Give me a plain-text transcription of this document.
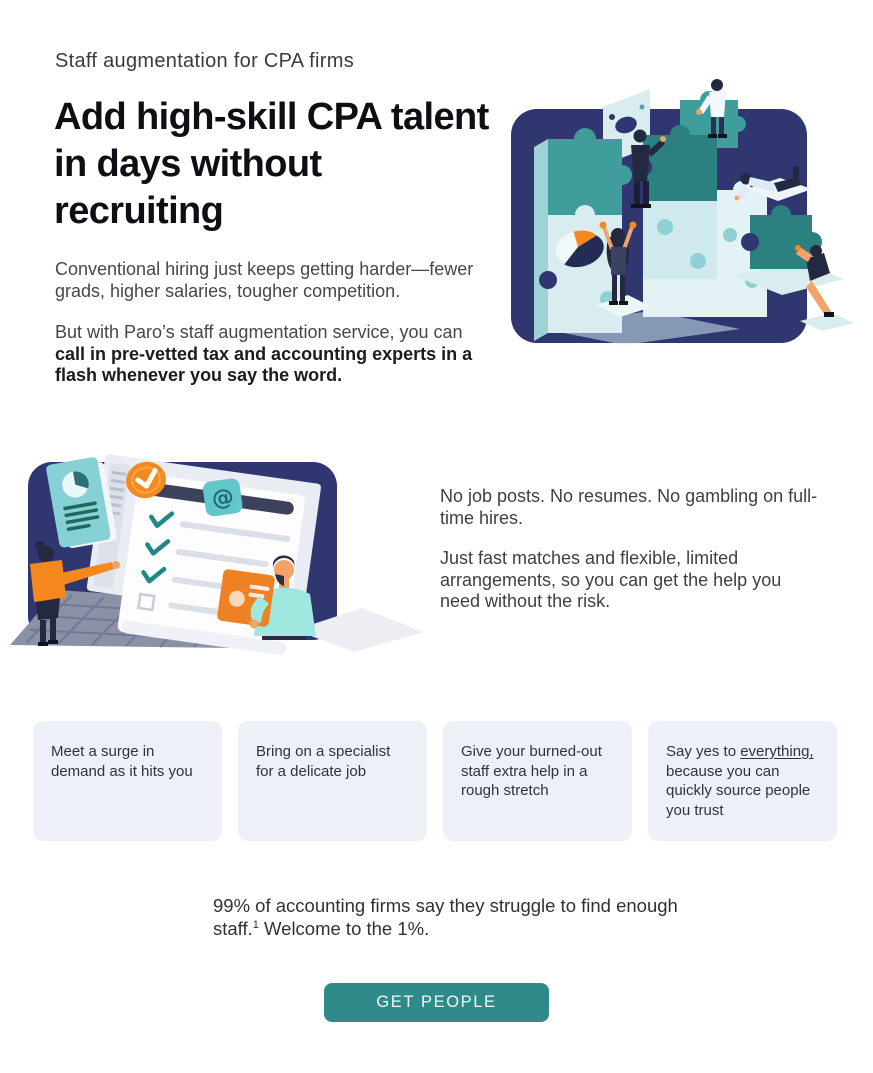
Staff augmentation for CPA firms
Add high-skill CPA talent in days without recruiting

Conventional hiring just keeps getting harder—fewer grads, higher salaries, tougher competition.

But with Paro’s staff augmentation service, you can call in pre-vetted tax and accounting experts in a flash whenever you say the word.

@	No job posts. No resumes. No gambling on full-time hires.

Just fast matches and flexible, limited arrangements, so you can get the help you need without the risk.

Meet a surge in demand as it hits you
Bring on a specialist for a delicate job
Give your burned-out staff extra help in a rough stretch
Say yes to everything, because you can quickly source people you trust

99% of accounting firms say they struggle to find enough staff.$^1$ Welcome to the 1%.

GET PEOPLE
